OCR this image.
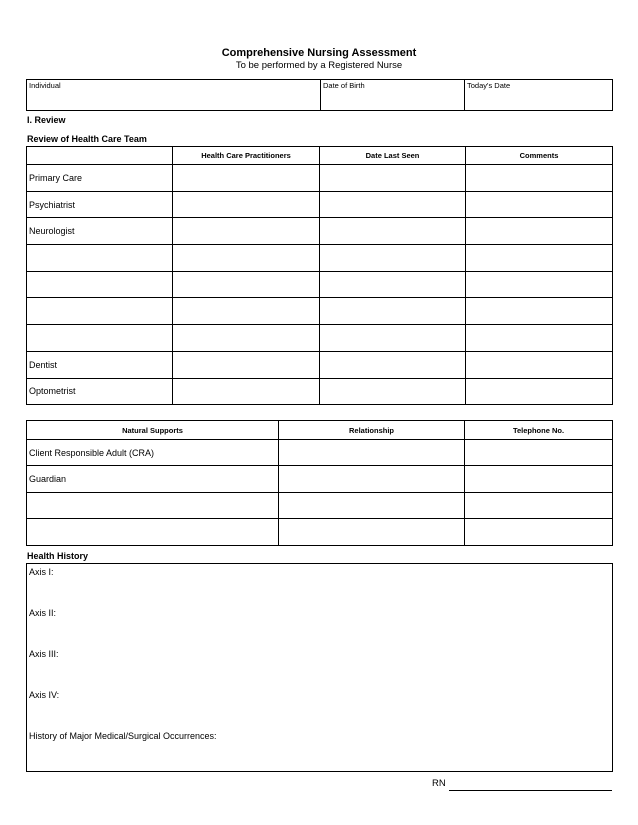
Comprehensive Nursing Assessment
To be performed by a Registered Nurse
Individual	Date of Birth	Today's Date
I. Review
Review of Health Care Team
	Health Care Practitioners	Date Last Seen	Comments
Primary Care			
Psychiatrist			
Neurologist			

Dentist			
Optometrist			
Natural Supports	Relationship	Telephone No.
Client Responsible Adult (CRA)		
Guardian		

Health History
Axis I:
Axis II:
Axis III:
Axis IV:
History of Major Medical/Surgical Occurrences:
RN
